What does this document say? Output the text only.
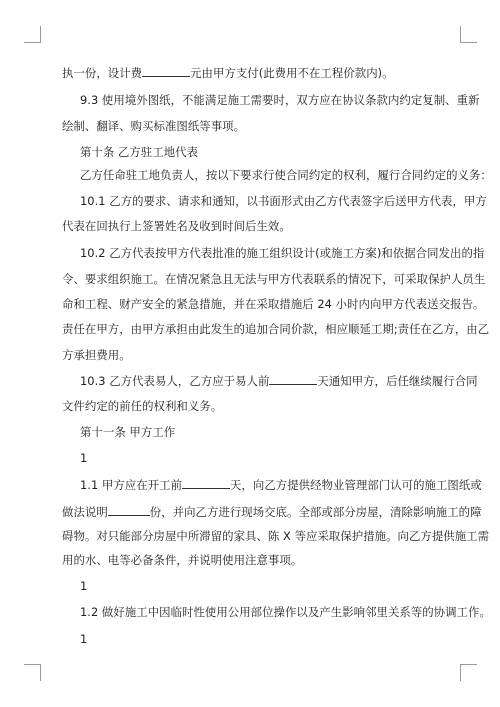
执一份，设计费	元由甲方支付(此费用不在工程价款内)。
9.3 使用境外图纸，不能满足施工需要时，双方应在协议条款内约定复制、重新
绘制、翻译、购买标准图纸等事项。
第十条 乙方驻工地代表
乙方任命驻工地负责人，按以下要求行使合同约定的权利，履行合同约定的义务：
10.1 乙方的要求、请求和通知，以书面形式由乙方代表签字后送甲方代表，甲方
代表在回执行上签署姓名及收到时间后生效。
10.2 乙方代表按甲方代表批准的施工组织设计(或施工方案)和依据合同发出的指
令、要求组织施工。在情况紧急且无法与甲方代表联系的情况下，可采取保护人员生
命和工程、财产安全的紧急措施，并在采取措施后 24 小时内向甲方代表送交报告。
责任在甲方，由甲方承担由此发生的追加合同价款，相应顺延工期;责任在乙方，由乙
方承担费用。
10.3 乙方代表易人，乙方应于易人前	天通知甲方，后任继续履行合同
文件约定的前任的权利和义务。
第十一条 甲方工作
1
1.1 甲方应在开工前	天，向乙方提供经物业管理部门认可的施工图纸或
做法说明	份，并向乙方进行现场交底。全部或部分房屋，清除影响施工的障
碍物。对只能部分房屋中所滞留的家具、陈 X 等应采取保护措施。向乙方提供施工需
用的水、电等必备条件，并说明使用注意事项。
1
1.2 做好施工中因临时性使用公用部位操作以及产生影响邻里关系等的协调工作。
1
